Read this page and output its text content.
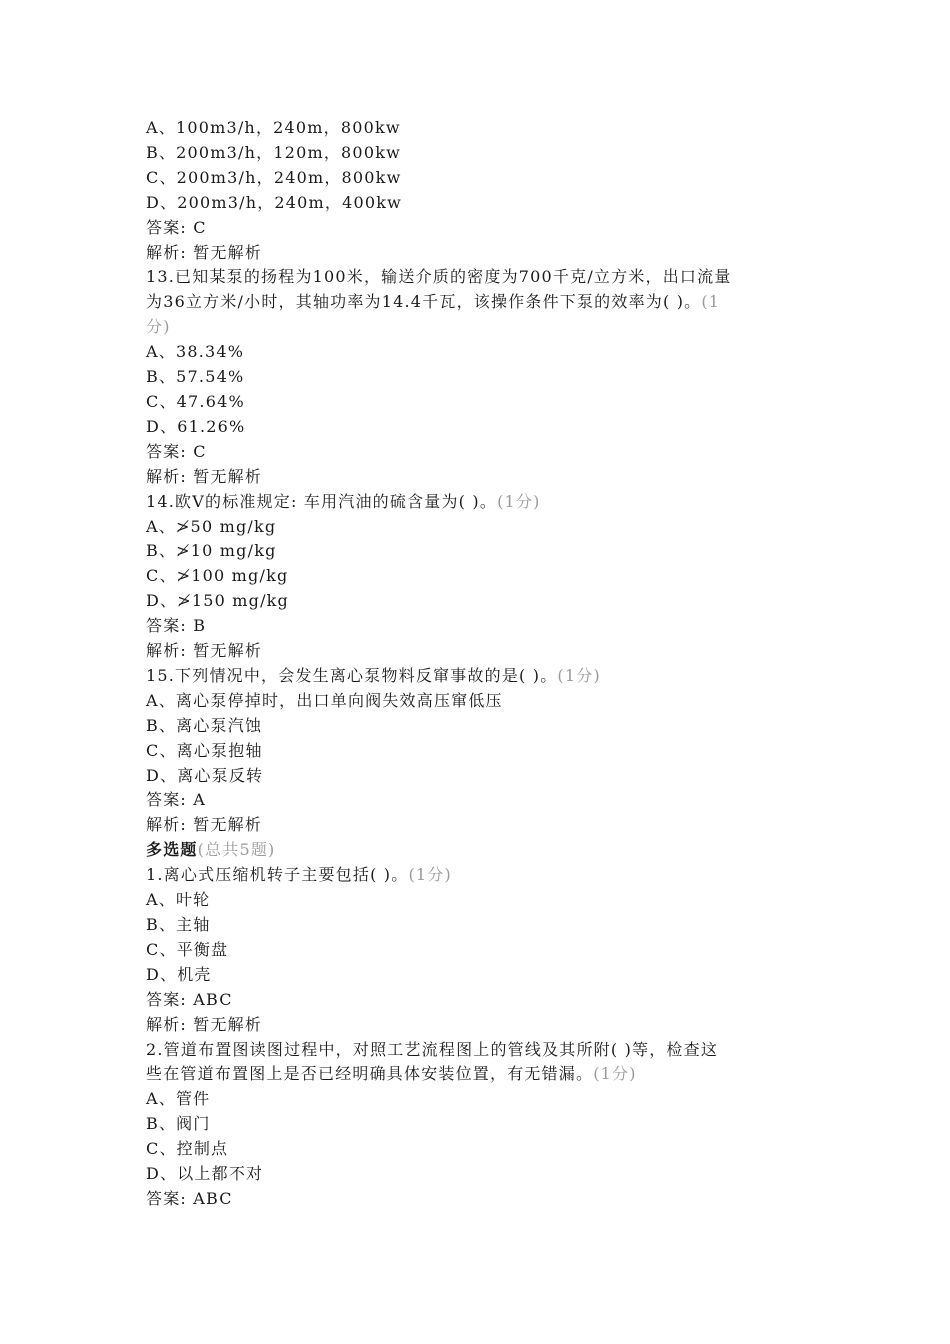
A、100m3/h，240m，800kw
B、200m3/h，120m，800kw
C、200m3/h，240m，800kw
D、200m3/h，240m，400kw
答案: C
解析: 暂无解析
13.已知某泵的扬程为100米，输送介质的密度为700千克/立方米，出口流量
为36立方米/小时，其轴功率为14.4千瓦，该操作条件下泵的效率为( )。(1
分)
A、38.34%
B、57.54%
C、47.64%
D、61.26%
答案: C
解析: 暂无解析
14.欧Ⅴ的标准规定: 车用汽油的硫含量为( )。(1分)
A、≯50 mg/kg
B、≯10 mg/kg
C、≯100 mg/kg
D、≯150 mg/kg
答案: B
解析: 暂无解析
15.下列情况中，会发生离心泵物料反窜事故的是( )。(1分)
A、离心泵停掉时，出口单向阀失效高压窜低压
B、离心泵汽蚀
C、离心泵抱轴
D、离心泵反转
答案: A
解析: 暂无解析
多选题(总共5题)
1.离心式压缩机转子主要包括( )。(1分)
A、叶轮
B、主轴
C、平衡盘
D、机壳
答案: ABC
解析: 暂无解析
2.管道布置图读图过程中，对照工艺流程图上的管线及其所附( )等，检查这
些在管道布置图上是否已经明确具体安装位置，有无错漏。(1分)
A、管件
B、阀门
C、控制点
D、以上都不对
答案: ABC
